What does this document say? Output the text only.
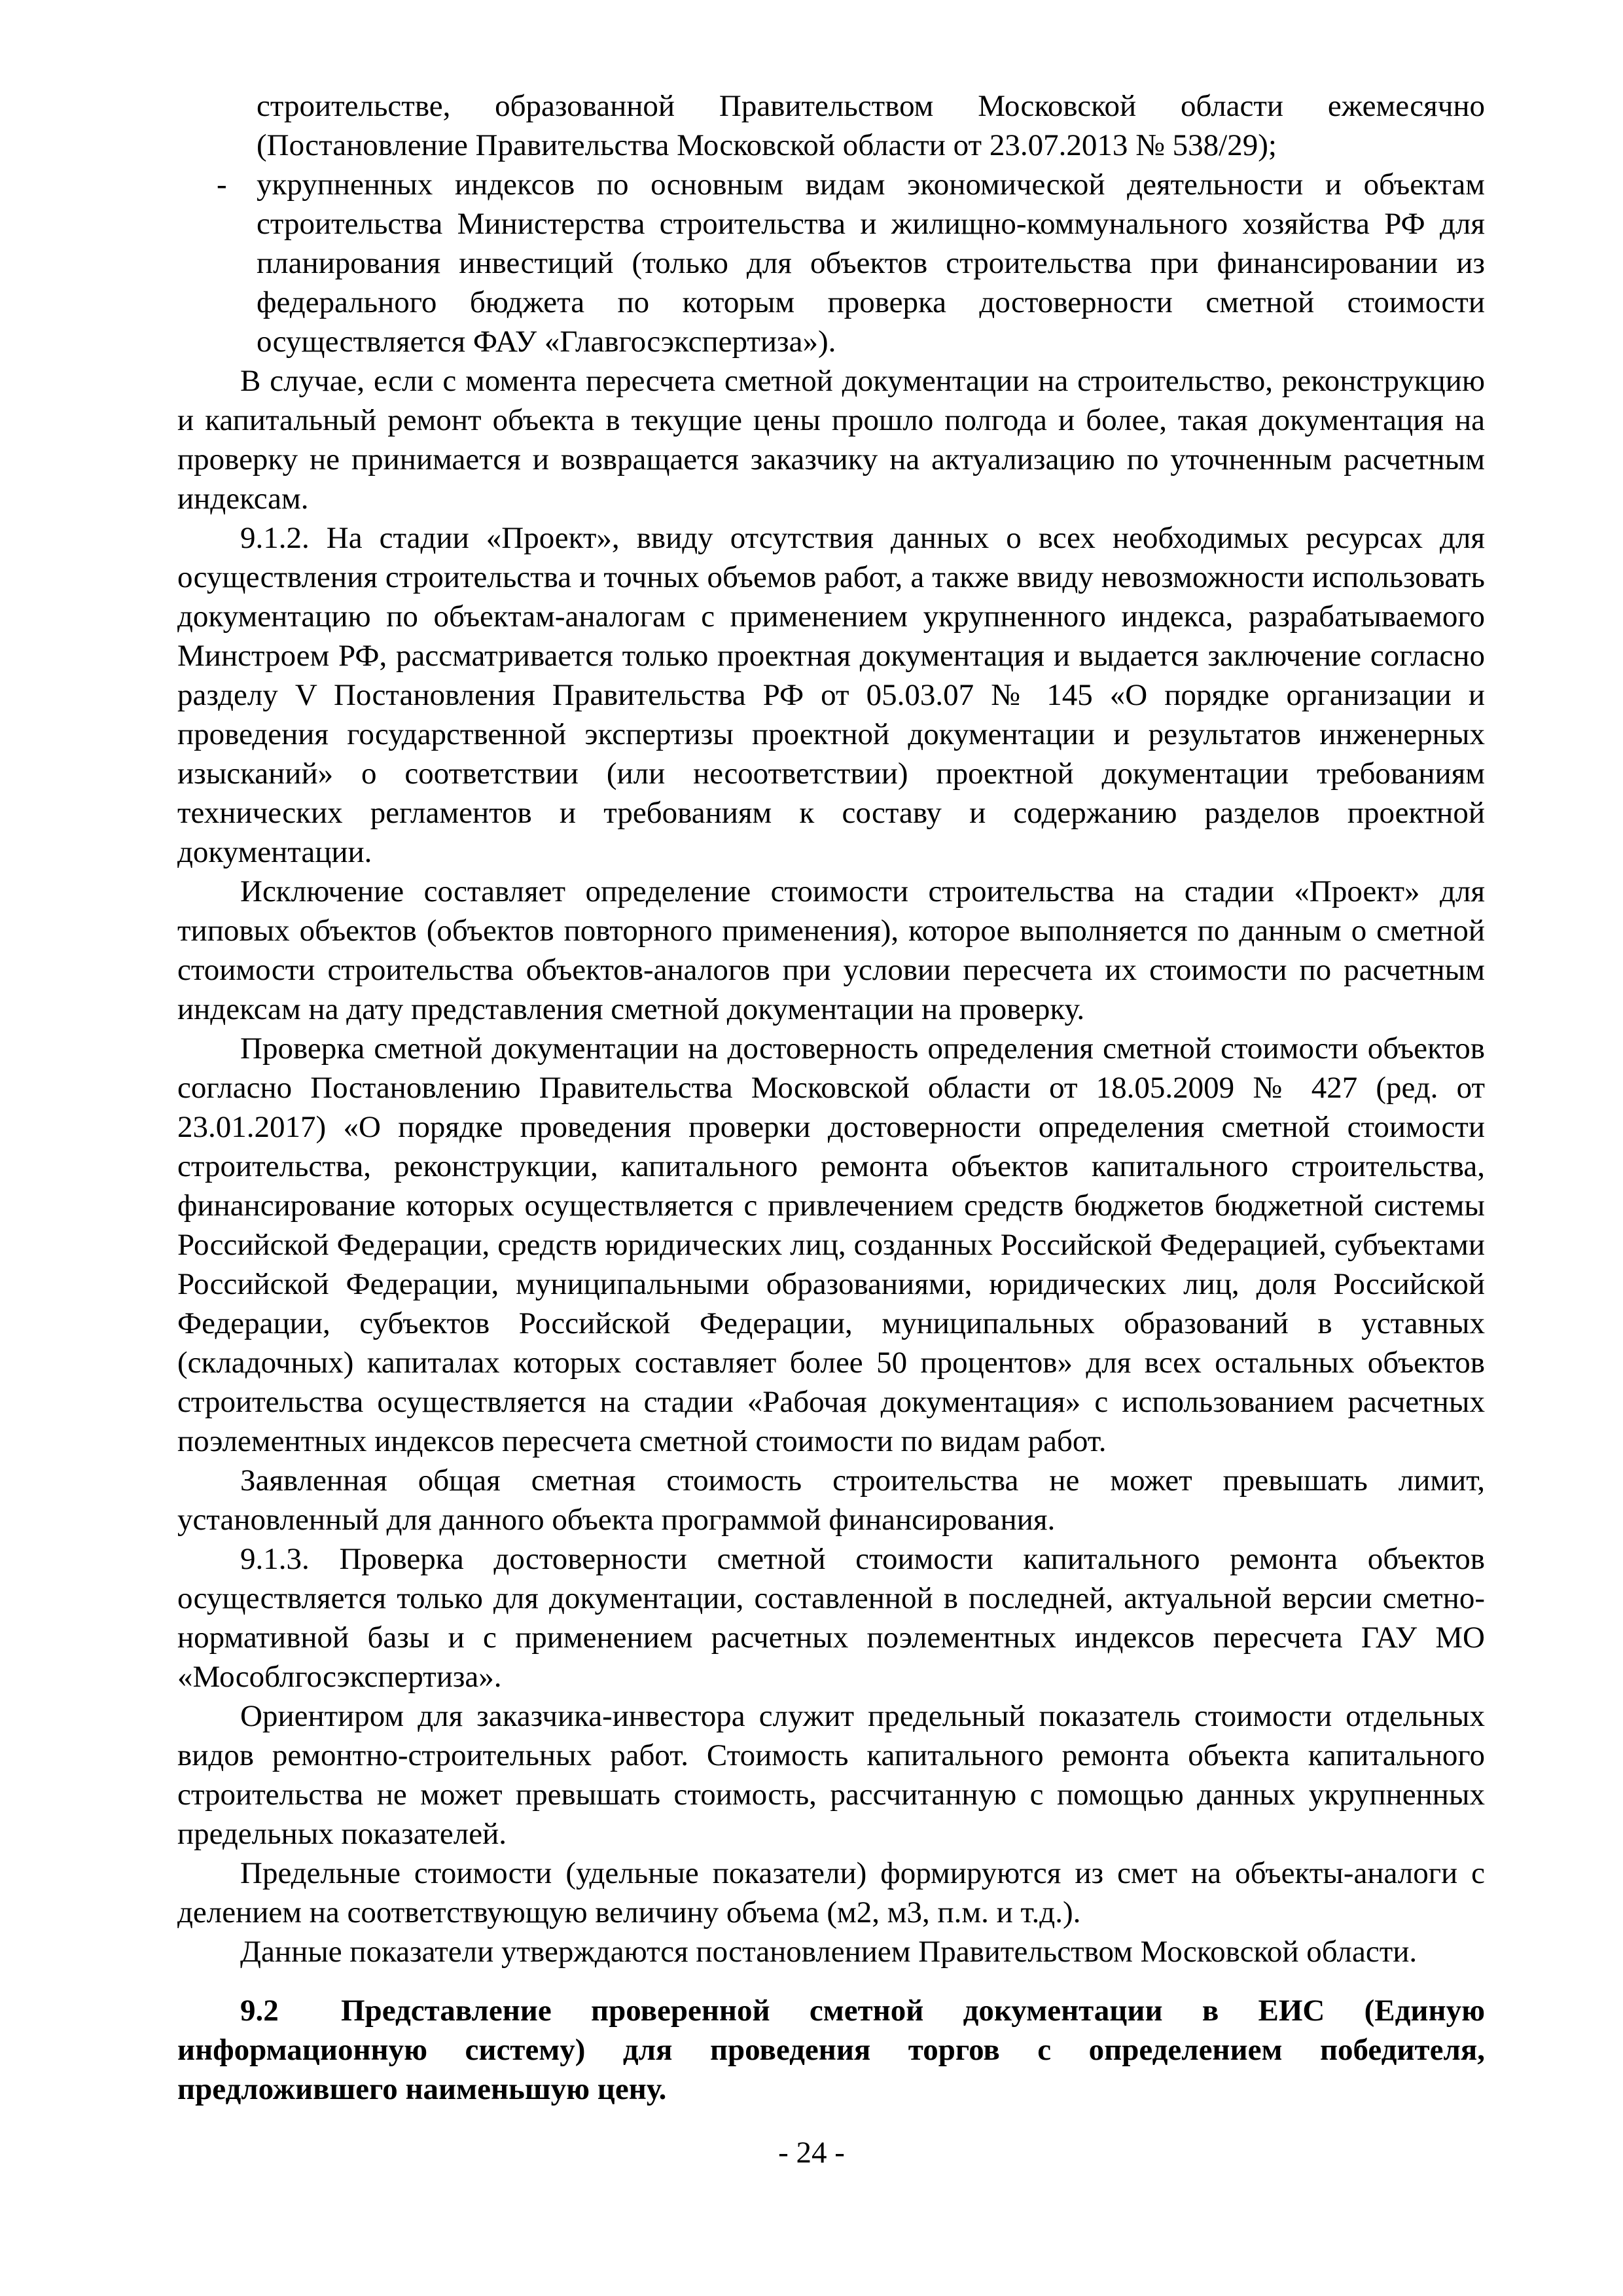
строительстве, образованной Правительством Московской области ежемесячно (Постановление Правительства Московской области от 23.07.2013 № 538/29);

- укрупненных индексов по основным видам экономической деятельности и объектам строительства Министерства строительства и жилищно-коммунального хозяйства РФ для планирования инвестиций (только для объектов строительства при финансировании из федерального бюджета по которым проверка достоверности сметной стоимости осуществляется ФАУ «Главгосэкспертиза»).

В случае, если с момента пересчета сметной документации на строительство, реконструкцию и капитальный ремонт объекта в текущие цены прошло полгода и более, такая документация на проверку не принимается и возвращается заказчику на актуализацию по уточненным расчетным индексам.

9.1.2. На стадии «Проект», ввиду отсутствия данных о всех необходимых ресурсах для осуществления строительства и точных объемов работ, а также ввиду невозможности использовать документацию по объектам-аналогам с применением укрупненного индекса, разрабатываемого Минстроем РФ, рассматривается только проектная документация и выдается заключение согласно разделу V Постановления Правительства РФ от 05.03.07 № 145 «О порядке организации и проведения государственной экспертизы проектной документации и результатов инженерных изысканий» о соответствии (или несоответствии) проектной документации требованиям технических регламентов и требованиям к составу и содержанию разделов проектной документации.

Исключение составляет определение стоимости строительства на стадии «Проект» для типовых объектов (объектов повторного применения), которое выполняется по данным о сметной стоимости строительства объектов-аналогов при условии пересчета их стоимости по расчетным индексам на дату представления сметной документации на проверку.

Проверка сметной документации на достоверность определения сметной стоимости объектов согласно Постановлению Правительства Московской области от 18.05.2009 № 427 (ред. от 23.01.2017) «О порядке проведения проверки достоверности определения сметной стоимости строительства, реконструкции, капитального ремонта объектов капитального строительства, финансирование которых осуществляется с привлечением средств бюджетов бюджетной системы Российской Федерации, средств юридических лиц, созданных Российской Федерацией, субъектами Российской Федерации, муниципальными образованиями, юридических лиц, доля Российской Федерации, субъектов Российской Федерации, муниципальных образований в уставных (складочных) капиталах которых составляет более 50 процентов» для всех остальных объектов строительства осуществляется на стадии «Рабочая документация» с использованием расчетных поэлементных индексов пересчета сметной стоимости по видам работ.

Заявленная общая сметная стоимость строительства не может превышать лимит, установленный для данного объекта программой финансирования.

9.1.3. Проверка достоверности сметной стоимости капитального ремонта объектов осуществляется только для документации, составленной в последней, актуальной версии сметно-нормативной базы и с применением расчетных поэлементных индексов пересчета ГАУ МО «Мособлгосэкспертиза».

Ориентиром для заказчика-инвестора служит предельный показатель стоимости отдельных видов ремонтно-строительных работ. Стоимость капитального ремонта объекта капитального строительства не может превышать стоимость, рассчитанную с помощью данных укрупненных предельных показателей.

Предельные стоимости (удельные показатели) формируются из смет на объекты-аналоги с делением на соответствующую величину объема (м2, м3, п.м. и т.д.).

Данные показатели утверждаются постановлением Правительством Московской области.

9.2 Представление проверенной сметной документации в ЕИС (Единую информационную систему) для проведения торгов с определением победителя, предложившего наименьшую цену.

- 24 -
